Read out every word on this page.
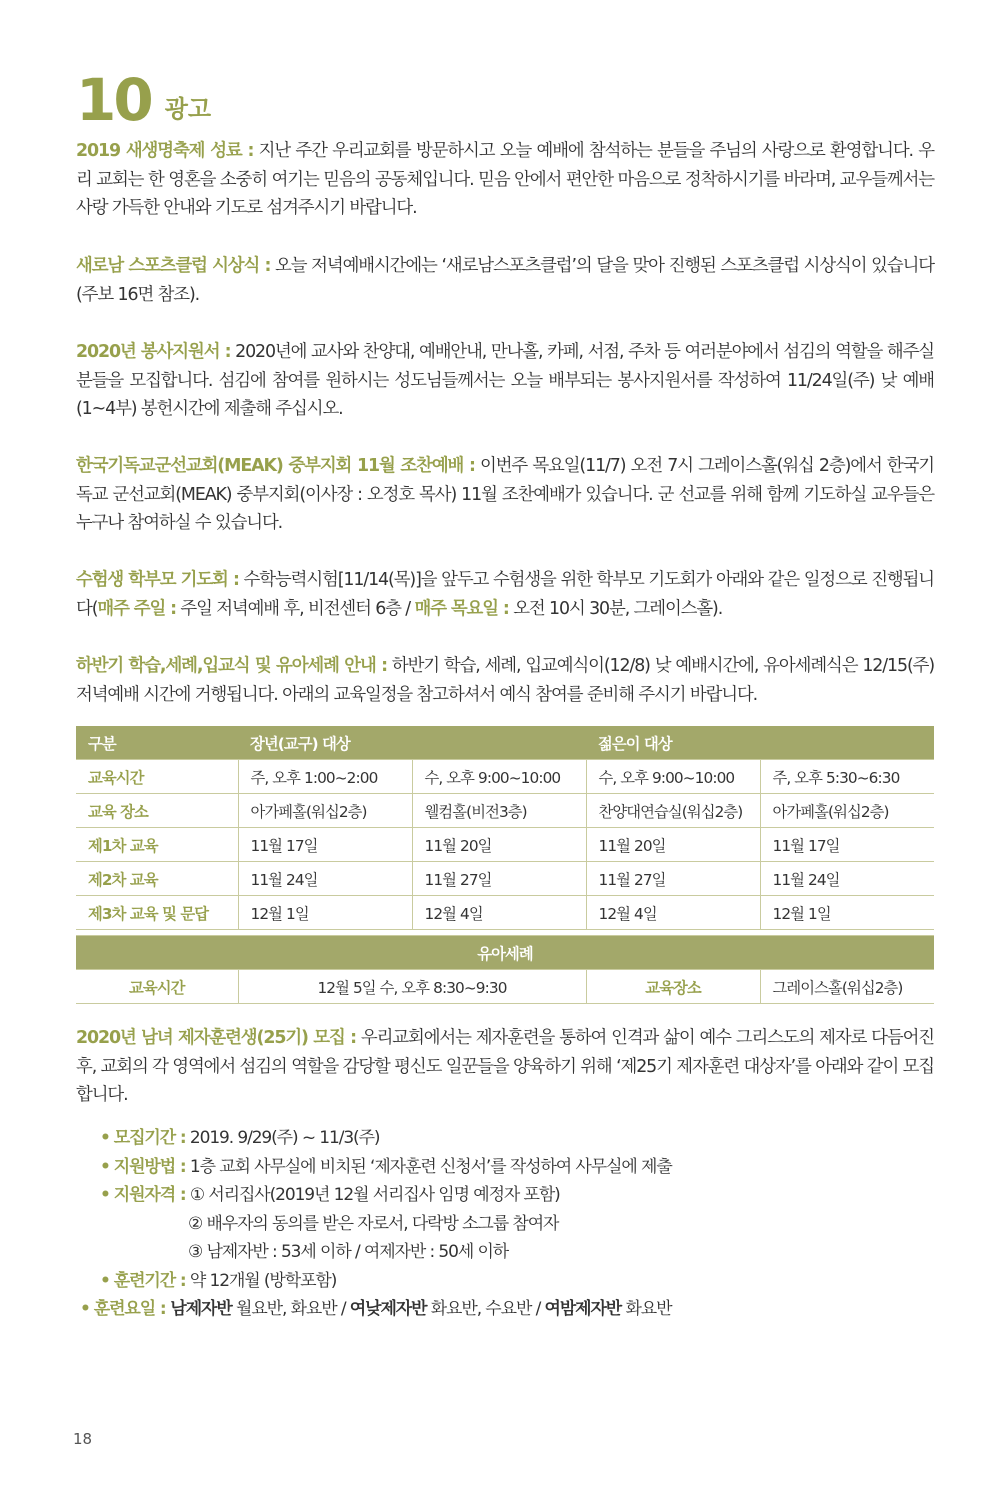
10 광고

2019 새생명축제 성료 : 지난 주간 우리교회를 방문하시고 오늘 예배에 참석하는 분들을 주님의 사랑으로 환영합니다. 우리 교회는 한 영혼을 소중히 여기는 믿음의 공동체입니다. 믿음 안에서 편안한 마음으로 정착하시기를 바라며, 교우들께서는 사랑 가득한 안내와 기도로 섬겨주시기 바랍니다.

새로남 스포츠클럽 시상식 : 오늘 저녁예배시간에는 ‘새로남스포츠클럽’의 달을 맞아 진행된 스포츠클럽 시상식이 있습니다(주보 16면 참조).

2020년 봉사지원서 : 2020년에 교사와 찬양대, 예배안내, 만나홀, 카페, 서점, 주차 등 여러분야에서 섬김의 역할을 해주실 분들을 모집합니다. 섬김에 참여를 원하시는 성도님들께서는 오늘 배부되는 봉사지원서를 작성하여 11/24일(주) 낮 예배(1~4부) 봉헌시간에 제출해 주십시오.

한국기독교군선교회(MEAK) 중부지회 11월 조찬예배 : 이번주 목요일(11/7) 오전 7시 그레이스홀(워십 2층)에서 한국기독교 군선교회(MEAK) 중부지회(이사장 : 오정호 목사) 11월 조찬예배가 있습니다. 군 선교를 위해 함께 기도하실 교우들은 누구나 참여하실 수 있습니다.

수험생 학부모 기도회 : 수학능력시험[11/14(목)]을 앞두고 수험생을 위한 학부모 기도회가 아래와 같은 일정으로 진행됩니다(매주 주일 : 주일 저녁예배 후, 비전센터 6층 / 매주 목요일 : 오전 10시 30분, 그레이스홀).

하반기 학습,세례,입교식 및 유아세례 안내 : 하반기 학습, 세례, 입교예식이(12/8) 낮 예배시간에, 유아세례식은 12/15(주) 저녁예배 시간에 거행됩니다. 아래의 교육일정을 참고하셔서 예식 참여를 준비해 주시기 바랍니다.

구분	장년(교구) 대상		젊은이 대상	
교육시간	주, 오후 1:00~2:00	수, 오후 9:00~10:00	수, 오후 9:00~10:00	주, 오후 5:30~6:30
교육 장소	아가페홀(워십2층)	웰컴홀(비전3층)	찬양대연습실(워십2층)	아가페홀(워십2층)
제1차 교육	11월 17일	11월 20일	11월 20일	11월 17일
제2차 교육	11월 24일	11월 27일	11월 27일	11월 24일
제3차 교육 및 문답	12월 1일	12월 4일	12월 4일	12월 1일

유아세례				
교육시간	12월 5일 수, 오후 8:30~9:30		교육장소	그레이스홀(워십2층)

2020년 남녀 제자훈련생(25기) 모집 : 우리교회에서는 제자훈련을 통하여 인격과 삶이 예수 그리스도의 제자로 다듬어진 후, 교회의 각 영역에서 섬김의 역할을 감당할 평신도 일꾼들을 양육하기 위해 ‘제25기 제자훈련 대상자’를 아래와 같이 모집합니다.

• 모집기간 : 2019. 9/29(주) ~ 11/3(주)
• 지원방법 : 1층 교회 사무실에 비치된 ‘제자훈련 신청서’를 작성하여 사무실에 제출
• 지원자격 : ① 서리집사(2019년 12월 서리집사 임명 예정자 포함)
② 배우자의 동의를 받은 자로서, 다락방 소그룹 참여자
③ 남제자반 : 53세 이하 / 여제자반 : 50세 이하
• 훈련기간 : 약 12개월 (방학포함)
• 훈련요일 : 남제자반 월요반, 화요반 / 여낮제자반 화요반, 수요반 / 여밤제자반 화요반
18
